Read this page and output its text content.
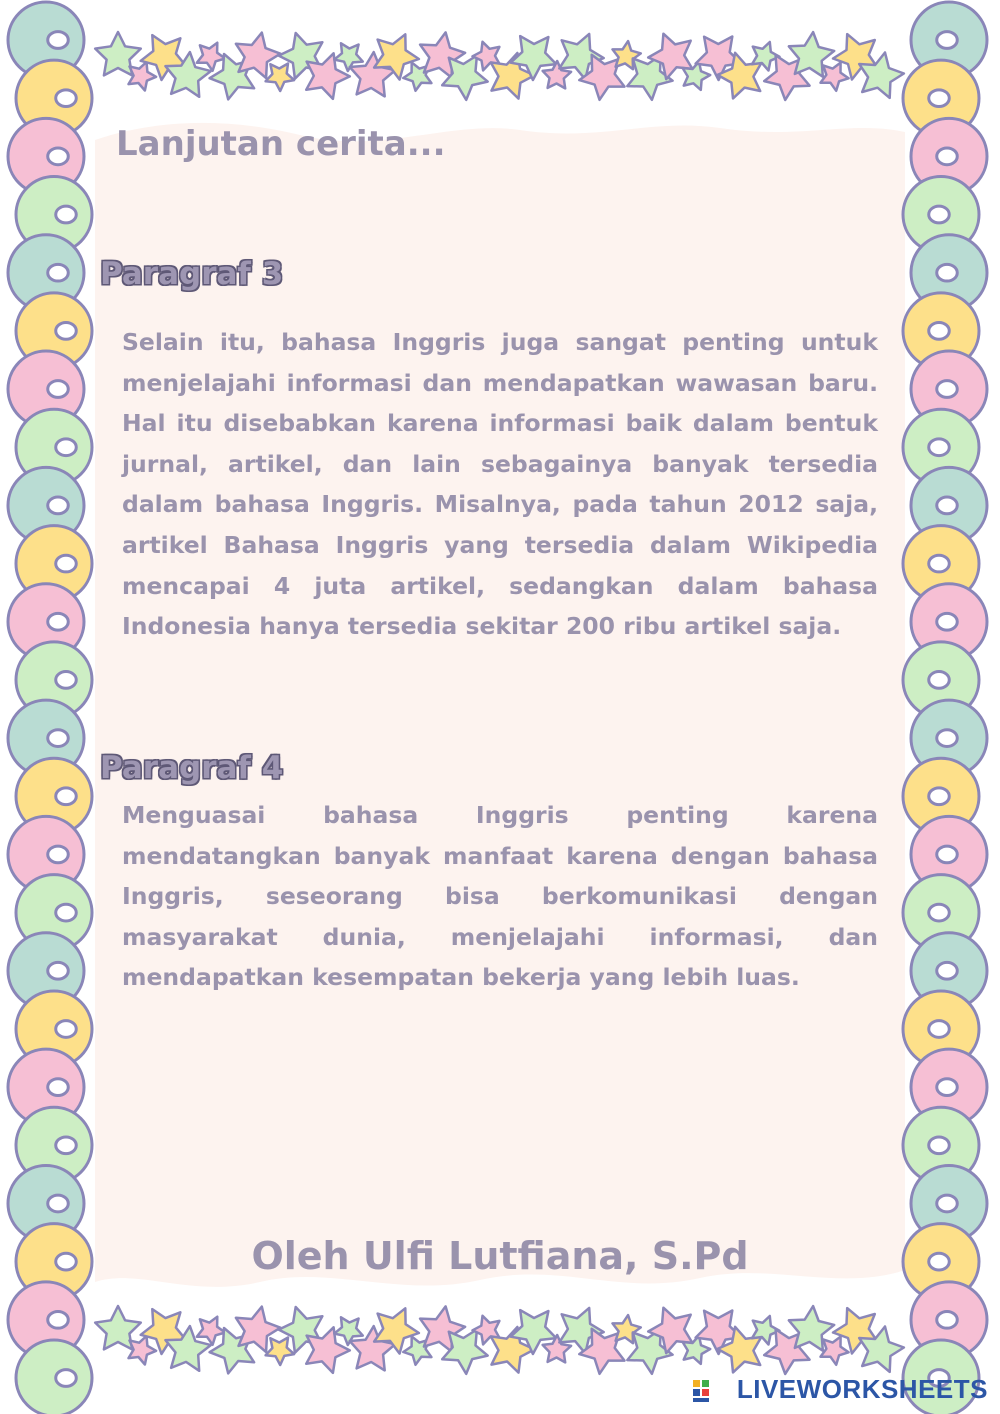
Lanjutan cerita...
Paragraf 3
Selain itu, bahasa Inggris juga sangat penting untuk menjelajahi informasi dan mendapatkan wawasan baru. Hal itu disebabkan karena informasi baik dalam bentuk jurnal, artikel, dan lain sebagainya banyak tersedia dalam bahasa Inggris. Misalnya, pada tahun 2012 saja, artikel Bahasa Inggris yang tersedia dalam Wikipedia mencapai 4 juta artikel, sedangkan dalam bahasa Indonesia hanya tersedia sekitar 200 ribu artikel saja.
Paragraf 4
Menguasai bahasa Inggris penting karena mendatangkan banyak manfaat karena dengan bahasa Inggris, seseorang bisa berkomunikasi dengan masyarakat dunia, menjelajahi informasi, dan mendapatkan kesempatan bekerja yang lebih luas.
Oleh Ulfi Lutfiana, S.Pd
LIVEWORKSHEETS
